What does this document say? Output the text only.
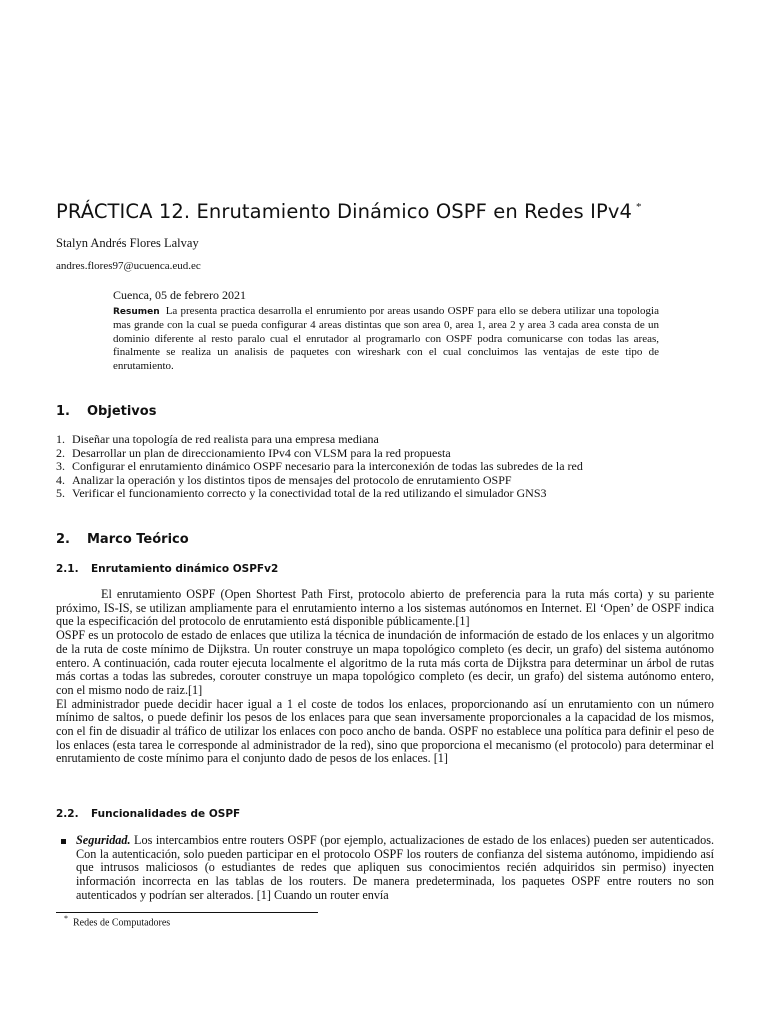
PRÁCTICA 12. Enrutamiento Dinámico OSPF en Redes IPv4 *
Stalyn Andrés Flores Lalvay
andres.flores97@ucuenca.eud.ec
Cuenca, 05 de febrero 2021
Resumen La presenta practica desarrolla el enrumiento por areas usando OSPF para ello se debera utilizar una topologia mas grande con la cual se pueda configurar 4 areas distintas que son area 0, area 1, area 2 y area 3 cada area consta de un dominio diferente al resto paralo cual el enrutador al programarlo con OSPF podra comunicarse con todas las areas, finalmente se realiza un analisis de paquetes con wireshark con el cual concluimos las ventajas de este tipo de enrutamiento.
1. Objetivos
1. Diseñar una topología de red realista para una empresa mediana
2. Desarrollar un plan de direccionamiento IPv4 con VLSM para la red propuesta
3. Configurar el enrutamiento dinámico OSPF necesario para la interconexión de todas las subredes de la red
4. Analizar la operación y los distintos tipos de mensajes del protocolo de enrutamiento OSPF
5. Verificar el funcionamiento correcto y la conectividad total de la red utilizando el simulador GNS3
2. Marco Teórico
2.1. Enrutamiento dinámico OSPFv2

El enrutamiento OSPF (Open Shortest Path First, protocolo abierto de preferencia para la ruta más corta) y su pariente próximo, IS-IS, se utilizan ampliamente para el enrutamiento interno a los sistemas autónomos en Internet. El ‘Open’ de OSPF indica que la especificación del protocolo de enrutamiento está disponible públicamente.[1]

OSPF es un protocolo de estado de enlaces que utiliza la técnica de inundación de información de estado de los enlaces y un algoritmo de la ruta de coste mínimo de Dijkstra. Un router construye un mapa topológico completo (es decir, un grafo) del sistema autónomo entero. A continuación, cada router ejecuta localmente el algoritmo de la ruta más corta de Dijkstra para determinar un árbol de rutas más cortas a todas las subredes, corouter construye un mapa topológico completo (es decir, un grafo) del sistema autónomo entero, con el mismo nodo de raiz.[1]

El administrador puede decidir hacer igual a 1 el coste de todos los enlaces, proporcionando así un enrutamiento con un número mínimo de saltos, o puede definir los pesos de los enlaces para que sean inversamente proporcionales a la capacidad de los mismos, con el fin de disuadir al tráfico de utilizar los enlaces con poco ancho de banda. OSPF no establece una política para definir el peso de los enlaces (esta tarea le corresponde al administrador de la red), sino que proporciona el mecanismo (el protocolo) para determinar el enrutamiento de coste mínimo para el conjunto dado de pesos de los enlaces. [1]

2.2. Funcionalidades de OSPF
Seguridad. Los intercambios entre routers OSPF (por ejemplo, actualizaciones de estado de los enlaces) pueden ser autenticados. Con la autenticación, solo pueden participar en el protocolo OSPF los routers de confianza del sistema autónomo, impidiendo así que intrusos maliciosos (o estudiantes de redes que apliquen sus conocimientos recién adquiridos sin permiso) inyecten información incorrecta en las tablas de los routers. De manera predeterminada, los paquetes OSPF entre routers no son autenticados y podrían ser alterados. [1] Cuando un router envía
* Redes de Computadores
